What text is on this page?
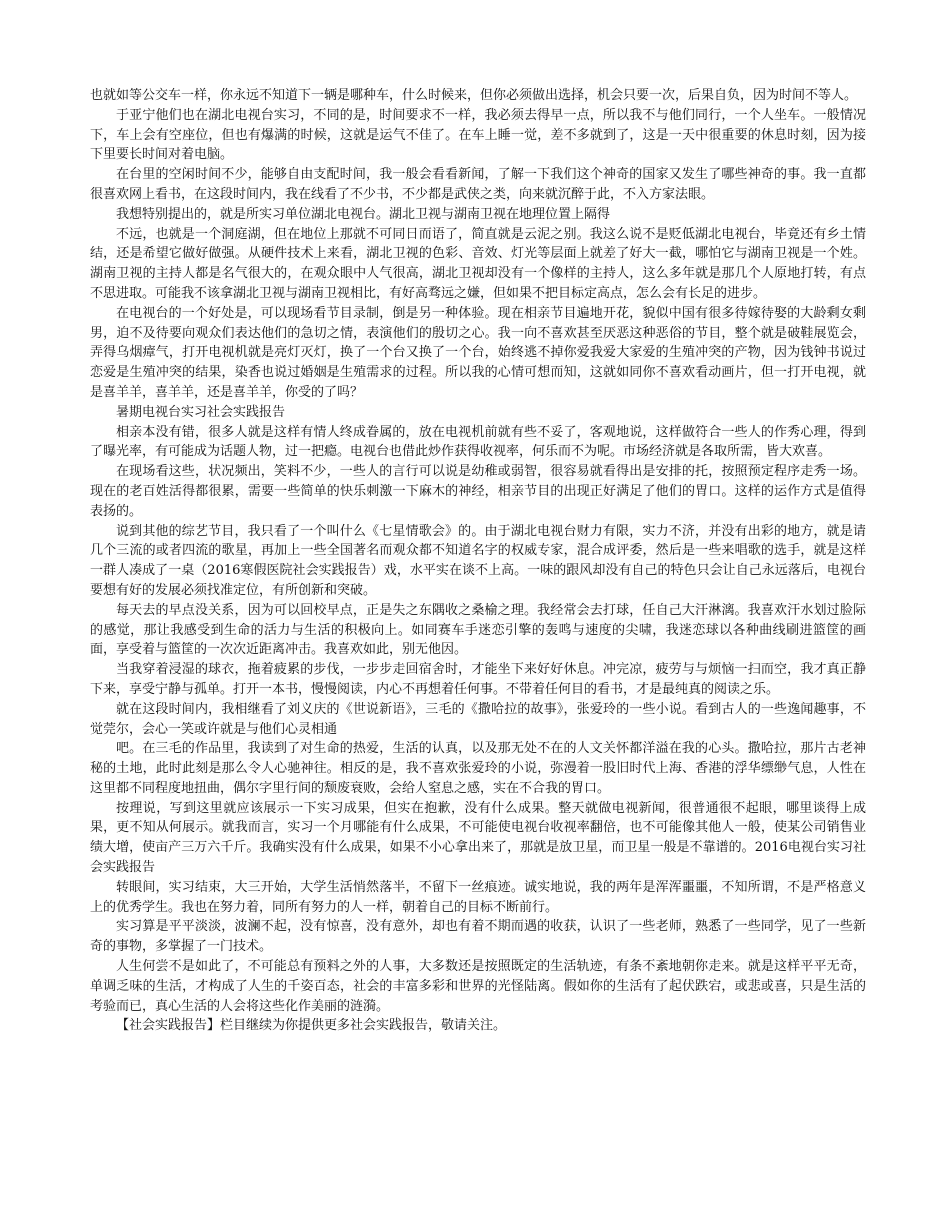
也就如等公交车一样，你永远不知道下一辆是哪种车，什么时候来，但你必须做出选择，机会只要一次，后果自负，因为时间不等人。

于亚宁他们也在湖北电视台实习，不同的是，时间要求不一样，我必须去得早一点，所以我不与他们同行，一个人坐车。一般情况下，车上会有空座位，但也有爆满的时候，这就是运气不佳了。在车上睡一觉，差不多就到了，这是一天中很重要的休息时刻，因为接下里要长时间对着电脑。

在台里的空闲时间不少，能够自由支配时间，我一般会看看新闻，了解一下我们这个神奇的国家又发生了哪些神奇的事。我一直都很喜欢网上看书，在这段时间内，我在线看了不少书，不少都是武侠之类，向来就沉醉于此，不入方家法眼。

我想特别提出的，就是所实习单位湖北电视台。湖北卫视与湖南卫视在地理位置上隔得

不远，也就是一个洞庭湖，但在地位上那就不可同日而语了，简直就是云泥之别。我这么说不是贬低湖北电视台，毕竟还有乡土情结，还是希望它做好做强。从硬件技术上来看，湖北卫视的色彩、音效、灯光等层面上就差了好大一截，哪怕它与湖南卫视是一个姓。湖南卫视的主持人都是名气很大的，在观众眼中人气很高，湖北卫视却没有一个像样的主持人，这么多年就是那几个人原地打转，有点不思进取。可能我不该拿湖北卫视与湖南卫视相比，有好高骛远之嫌，但如果不把目标定高点，怎么会有长足的进步。

在电视台的一个好处是，可以现场看节目录制，倒是另一种体验。现在相亲节目遍地开花，貌似中国有很多待嫁待娶的大龄剩女剩男，迫不及待要向观众们表达他们的急切之情，表演他们的殷切之心。我一向不喜欢甚至厌恶这种恶俗的节目，整个就是破鞋展览会，弄得乌烟瘴气，打开电视机就是亮灯灭灯，换了一个台又换了一个台，始终逃不掉你爱我爱大家爱的生殖冲突的产物，因为钱钟书说过恋爱是生殖冲突的结果，染香也说过婚姻是生殖需求的过程。所以我的心情可想而知，这就如同你不喜欢看动画片，但一打开电视，就是喜羊羊，喜羊羊，还是喜羊羊，你受的了吗？

暑期电视台实习社会实践报告

相亲本没有错，很多人就是这样有情人终成眷属的，放在电视机前就有些不妥了，客观地说，这样做符合一些人的作秀心理，得到了曝光率，有可能成为话题人物，过一把瘾。电视台也借此炒作获得收视率，何乐而不为呢。市场经济就是各取所需，皆大欢喜。

在现场看这些，状况频出，笑料不少，一些人的言行可以说是幼稚或弱智，很容易就看得出是安排的托，按照预定程序走秀一场。现在的老百姓活得都很累，需要一些简单的快乐刺激一下麻木的神经，相亲节目的出现正好满足了他们的胃口。这样的运作方式是值得表扬的。

说到其他的综艺节目，我只看了一个叫什么《七星情歌会》的。由于湖北电视台财力有限，实力不济，并没有出彩的地方，就是请几个三流的或者四流的歌星，再加上一些全国著名而观众都不知道名字的权威专家，混合成评委，然后是一些来唱歌的选手，就是这样一群人凑成了一桌（2016寒假医院社会实践报告）戏，水平实在谈不上高。一味的跟风却没有自己的特色只会让自己永远落后，电视台要想有好的发展必须找准定位，有所创新和突破。

每天去的早点没关系，因为可以回校早点，正是失之东隅收之桑榆之理。我经常会去打球，任自己大汗淋漓。我喜欢汗水划过脸际的感觉，那让我感受到生命的活力与生活的积极向上。如同赛车手迷恋引擎的轰鸣与速度的尖啸，我迷恋球以各种曲线刷进篮筐的画面，享受着与篮筐的一次次近距离冲击。我喜欢如此，别无他因。

当我穿着浸湿的球衣，拖着疲累的步伐，一步步走回宿舍时，才能坐下来好好休息。冲完凉，疲劳与与烦恼一扫而空，我才真正静下来，享受宁静与孤单。打开一本书，慢慢阅读，内心不再想着任何事。不带着任何目的看书，才是最纯真的阅读之乐。

就在这段时间内，我相继看了刘义庆的《世说新语》，三毛的《撒哈拉的故事》，张爱玲的一些小说。看到古人的一些逸闻趣事，不觉莞尔，会心一笑或许就是与他们心灵相通

吧。在三毛的作品里，我读到了对生命的热爱，生活的认真，以及那无处不在的人文关怀都洋溢在我的心头。撒哈拉，那片古老神秘的土地，此时此刻是那么令人心驰神往。相反的是，我不喜欢张爱玲的小说，弥漫着一股旧时代上海、香港的浮华缥缈气息，人性在这里都不同程度地扭曲，偶尔字里行间的颓废衰败，会给人窒息之感，实在不合我的胃口。

按理说，写到这里就应该展示一下实习成果，但实在抱歉，没有什么成果。整天就做电视新闻，很普通很不起眼，哪里谈得上成果，更不知从何展示。就我而言，实习一个月哪能有什么成果，不可能使电视台收视率翻倍，也不可能像其他人一般，使某公司销售业绩大增，使亩产三万六千斤。我确实没有什么成果，如果不小心拿出来了，那就是放卫星，而卫星一般是不靠谱的。2016电视台实习社会实践报告

转眼间，实习结束，大三开始，大学生活悄然落半，不留下一丝痕迹。诚实地说，我的两年是浑浑噩噩，不知所谓，不是严格意义上的优秀学生。我也在努力着，同所有努力的人一样，朝着自己的目标不断前行。

实习算是平平淡淡，波澜不起，没有惊喜，没有意外，却也有着不期而遇的收获，认识了一些老师，熟悉了一些同学，见了一些新奇的事物，多掌握了一门技术。

人生何尝不是如此了，不可能总有预料之外的人事，大多数还是按照既定的生活轨迹，有条不紊地朝你走来。就是这样平平无奇，单调乏味的生活，才构成了人生的千姿百态，社会的丰富多彩和世界的光怪陆离。假如你的生活有了起伏跌宕，或悲或喜，只是生活的考验而已，真心生活的人会将这些化作美丽的涟漪。

【社会实践报告】栏目继续为你提供更多社会实践报告，敬请关注。
